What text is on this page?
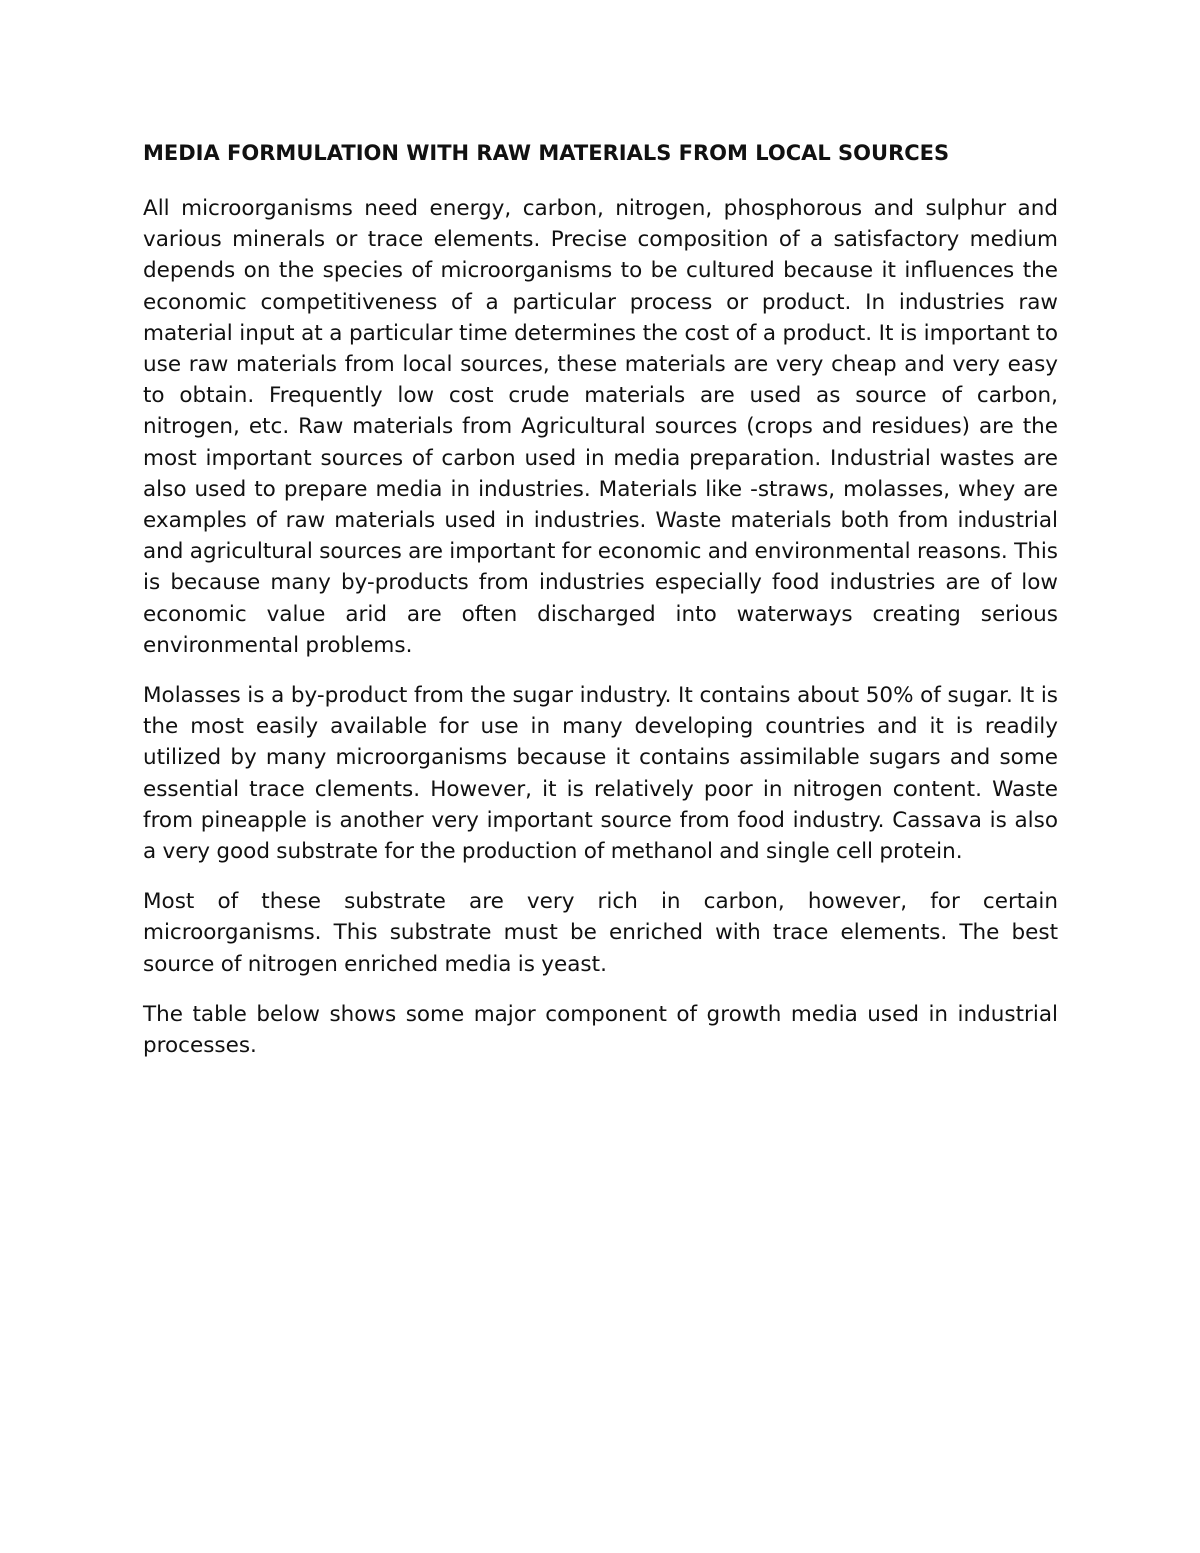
MEDIA FORMULATION WITH RAW MATERIALS FROM LOCAL SOURCES

All microorganisms need energy, carbon, nitrogen, phosphorous and sulphur and various minerals or trace elements. Precise composition of a satisfactory medium depends on the species of microorganisms to be cultured because it influences the economic competitiveness of a particular process or product. In industries raw material input at a particular time determines the cost of a product. It is important to use raw materials from local sources, these materials are very cheap and very easy to obtain. Frequently low cost crude materials are used as source of carbon, nitrogen, etc. Raw materials from Agricultural sources (crops and residues) are the most important sources of carbon used in media preparation. Industrial wastes are also used to prepare media in industries. Materials like -straws, molasses, whey are examples of raw materials used in industries. Waste materials both from industrial and agricultural sources are important for economic and environmental reasons. This is because many by-products from industries especially food industries are of low economic value arid are often discharged into waterways creating serious environmental problems.

Molasses is a by-product from the sugar industry. It contains about 50% of sugar. It is the most easily available for use in many developing countries and it is readily utilized by many microorganisms because it contains assimilable sugars and some essential trace clements. However, it is relatively poor in nitrogen content. Waste from pineapple is another very important source from food industry. Cassava is also a very good substrate for the production of methanol and single cell protein.

Most of these substrate are very rich in carbon, however, for certain microorganisms. This substrate must be enriched with trace elements. The best source of nitrogen enriched media is yeast.

The table below shows some major component of growth media used in industrial processes.
